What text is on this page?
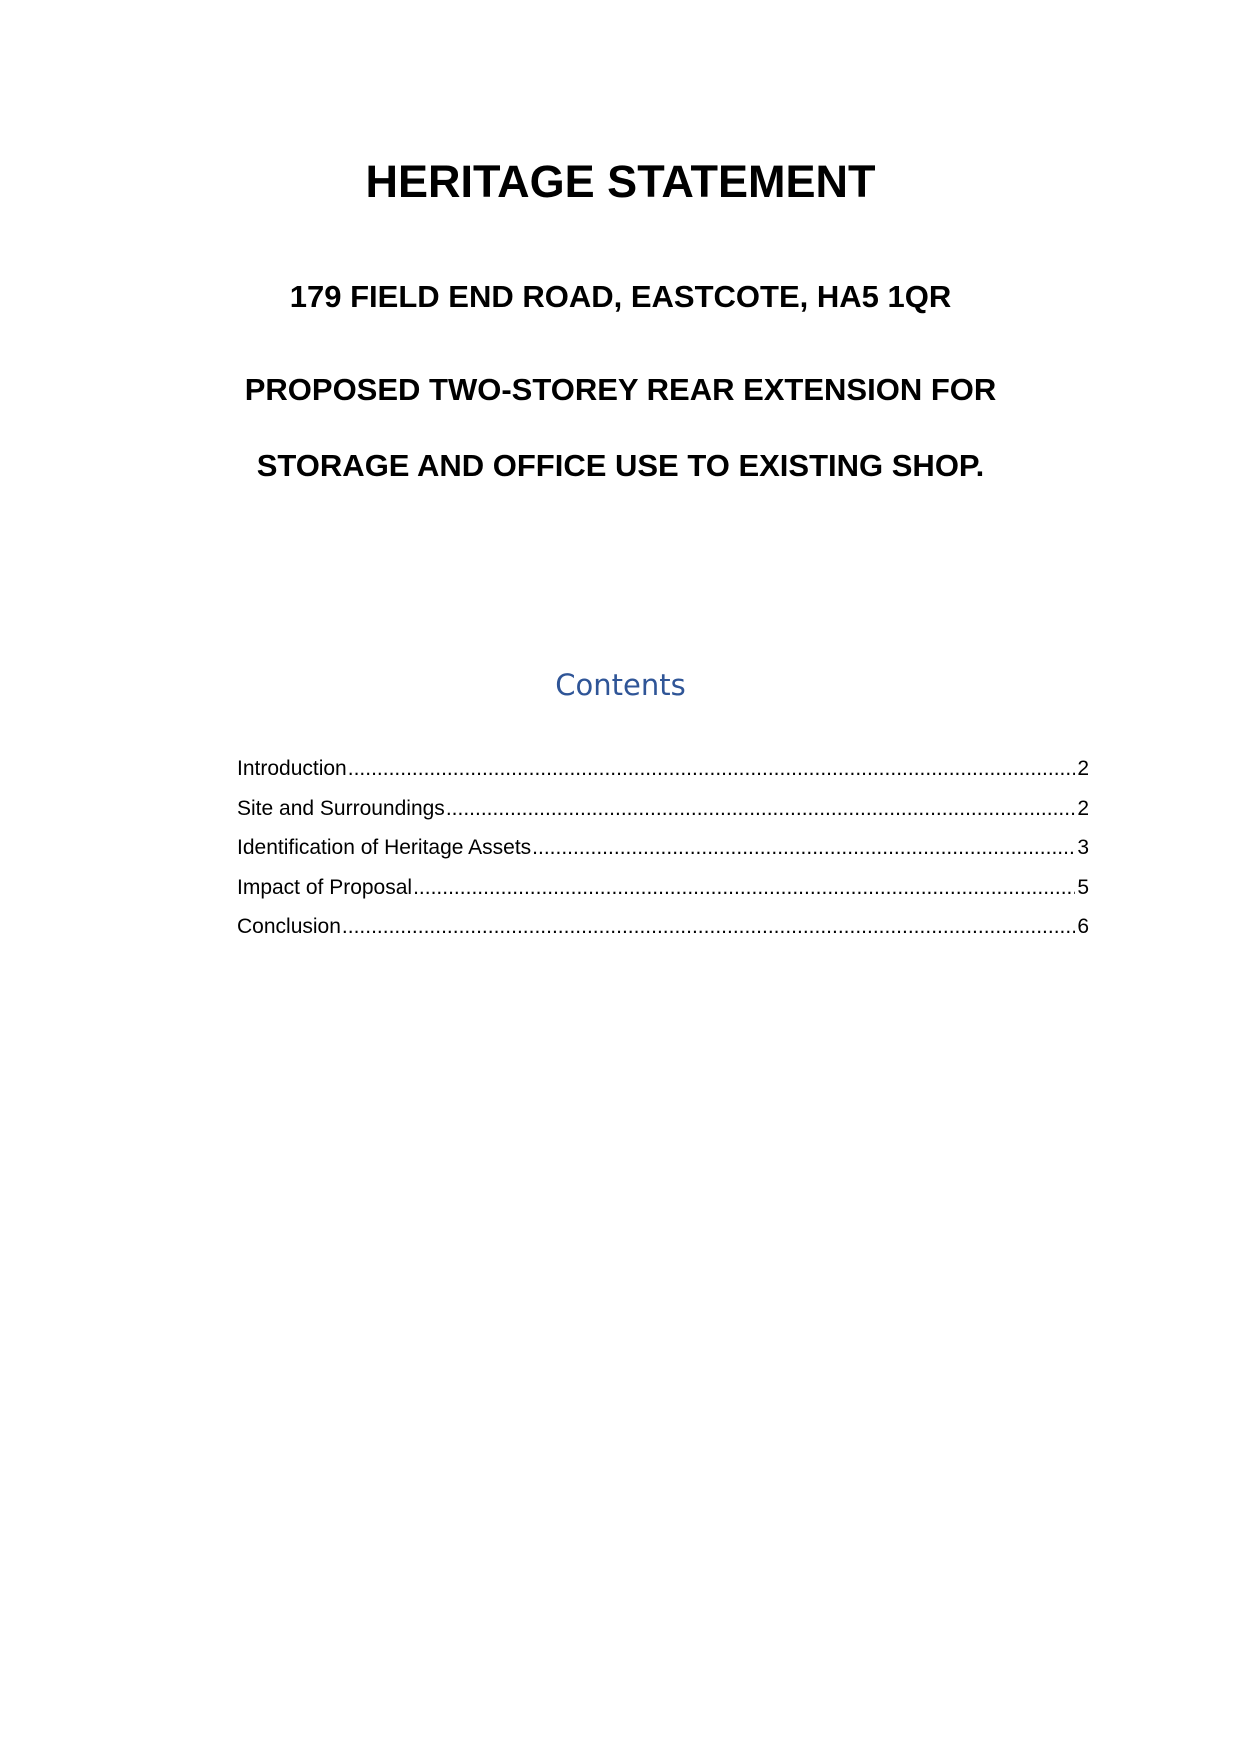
HERITAGE STATEMENT
179 FIELD END ROAD, EASTCOTE, HA5 1QR
PROPOSED TWO-STOREY REAR EXTENSION FOR
STORAGE AND OFFICE USE TO EXISTING SHOP.
Contents
Introduction .....	2
Site and Surroundings .....	2
Identification of Heritage Assets .....	3
Impact of Proposal .....	5
Conclusion .....	6
